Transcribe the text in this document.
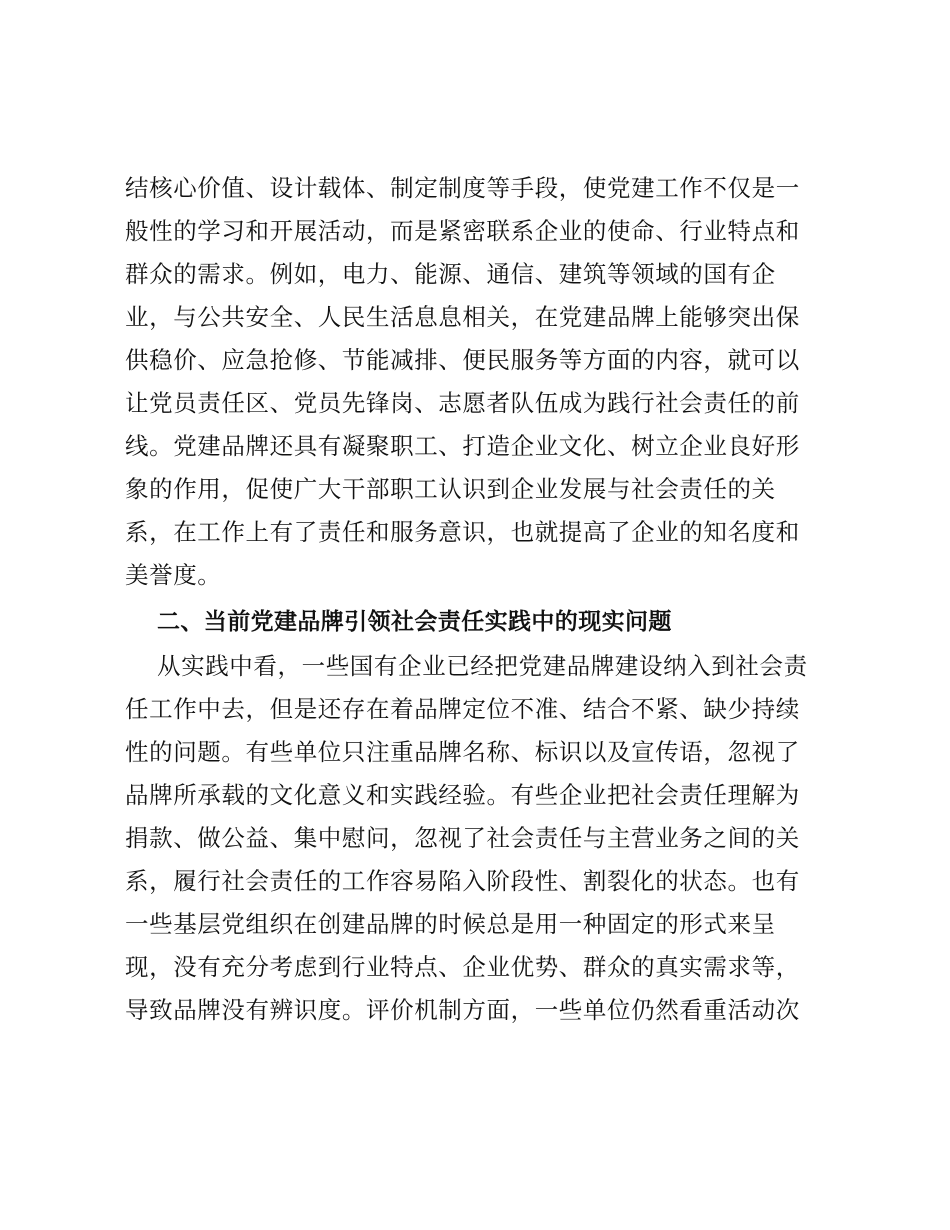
结核心价值、设计载体、制定制度等手段，使党建工作不仅是一
般性的学习和开展活动，而是紧密联系企业的使命、行业特点和
群众的需求。例如，电力、能源、通信、建筑等领域的国有企
业，与公共安全、人民生活息息相关，在党建品牌上能够突出保
供稳价、应急抢修、节能减排、便民服务等方面的内容，就可以
让党员责任区、党员先锋岗、志愿者队伍成为践行社会责任的前
线。党建品牌还具有凝聚职工、打造企业文化、树立企业良好形
象的作用，促使广大干部职工认识到企业发展与社会责任的关
系，在工作上有了责任和服务意识，也就提高了企业的知名度和
美誉度。
二、当前党建品牌引领社会责任实践中的现实问题
从实践中看，一些国有企业已经把党建品牌建设纳入到社会责
任工作中去，但是还存在着品牌定位不准、结合不紧、缺少持续
性的问题。有些单位只注重品牌名称、标识以及宣传语，忽视了
品牌所承载的文化意义和实践经验。有些企业把社会责任理解为
捐款、做公益、集中慰问，忽视了社会责任与主营业务之间的关
系，履行社会责任的工作容易陷入阶段性、割裂化的状态。也有
一些基层党组织在创建品牌的时候总是用一种固定的形式来呈
现，没有充分考虑到行业特点、企业优势、群众的真实需求等，
导致品牌没有辨识度。评价机制方面，一些单位仍然看重活动次
